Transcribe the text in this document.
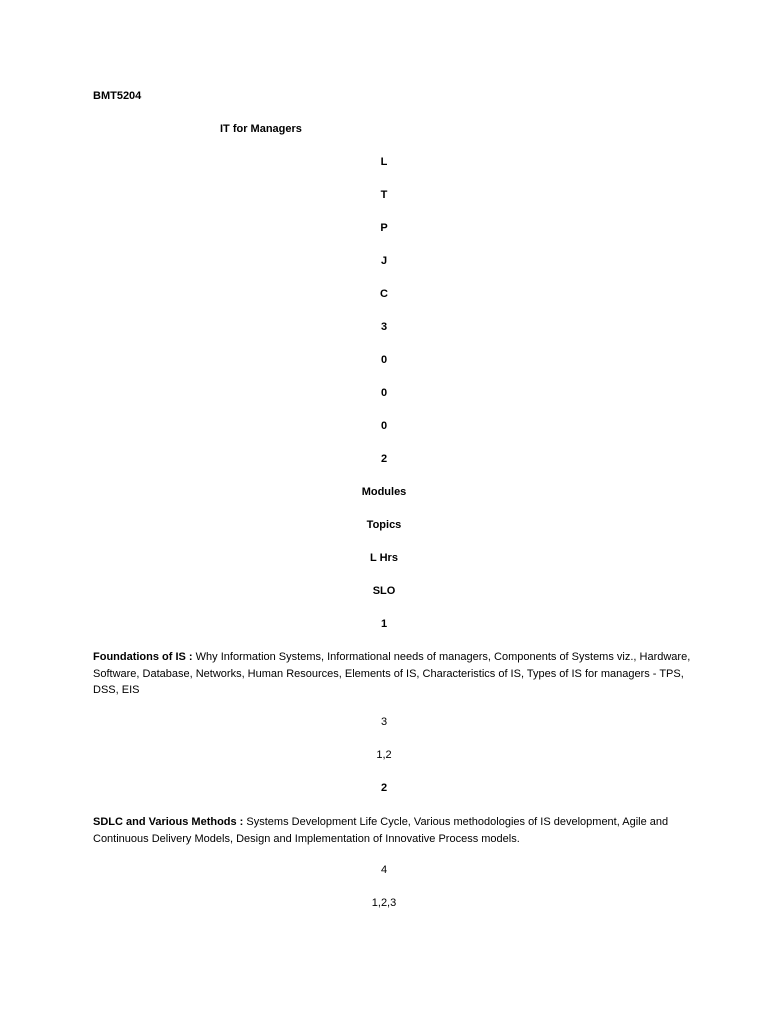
BMT5204
IT for Managers
L
T
P
J
C
3
0
0
0
2
Modules
Topics
L Hrs
SLO
1
Foundations of IS : Why Information Systems, Informational needs of managers, Components of Systems viz., Hardware, Software, Database, Networks, Human Resources, Elements of IS, Characteristics of IS, Types of IS for managers - TPS, DSS, EIS
3
1,2
2
SDLC and Various Methods : Systems Development Life Cycle, Various methodologies of IS development, Agile and Continuous Delivery Models, Design and Implementation of Innovative Process models.
4
1,2,3
